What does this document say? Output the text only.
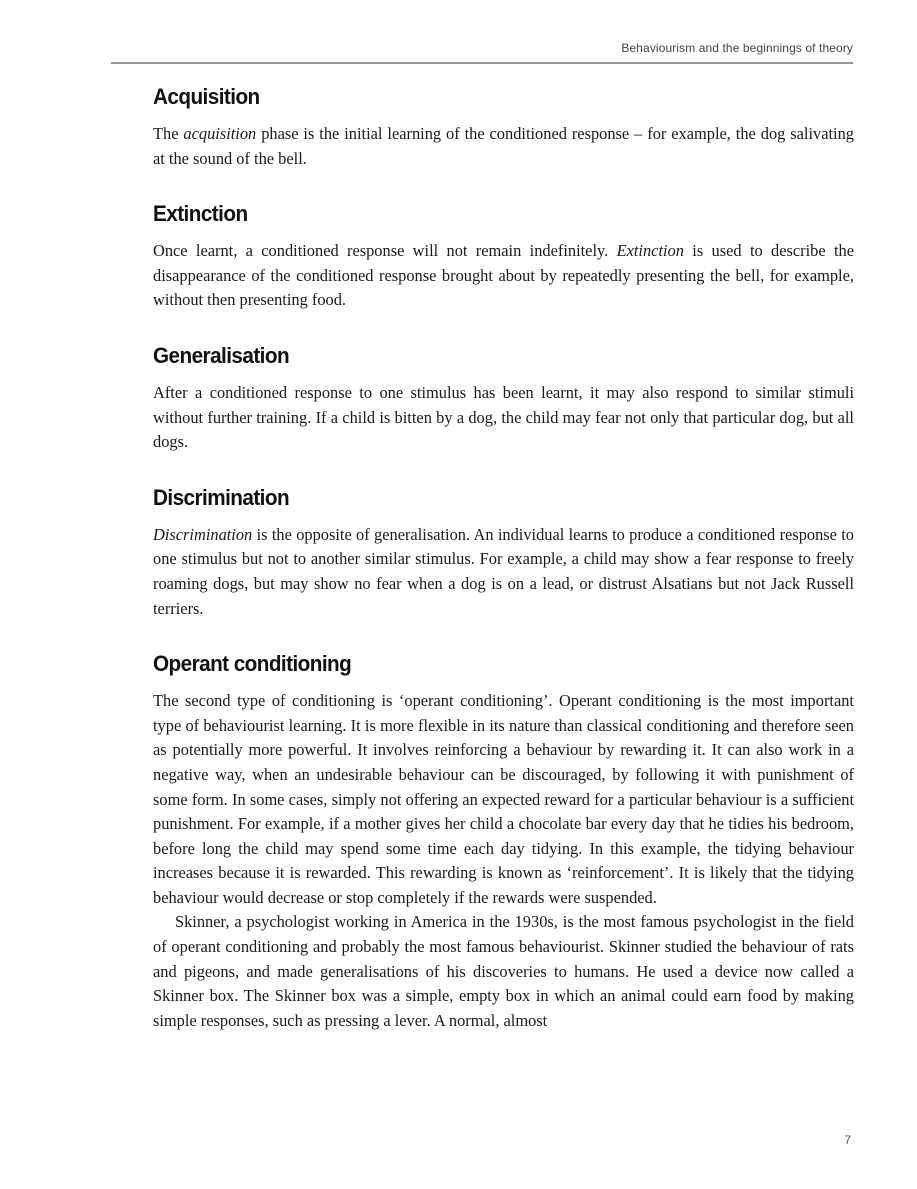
Behaviourism and the beginnings of theory
Acquisition

The acquisition phase is the initial learning of the conditioned response – for example, the dog salivating at the sound of the bell.

Extinction

Once learnt, a conditioned response will not remain indefinitely. Extinction is used to describe the disappearance of the conditioned response brought about by repeatedly presenting the bell, for example, without then presenting food.

Generalisation

After a conditioned response to one stimulus has been learnt, it may also respond to similar stimuli without further training. If a child is bitten by a dog, the child may fear not only that particular dog, but all dogs.

Discrimination

Discrimination is the opposite of generalisation. An individual learns to produce a conditioned response to one stimulus but not to another similar stimulus. For example, a child may show a fear response to freely roaming dogs, but may show no fear when a dog is on a lead, or distrust Alsatians but not Jack Russell terriers.

Operant conditioning

The second type of conditioning is ‘operant conditioning’. Operant conditioning is the most important type of behaviourist learning. It is more flexible in its nature than classical conditioning and therefore seen as potentially more powerful. It involves reinforcing a behaviour by rewarding it. It can also work in a negative way, when an undesirable behaviour can be discouraged, by following it with punishment of some form. In some cases, simply not offering an expected reward for a particular behaviour is a sufficient punishment. For example, if a mother gives her child a chocolate bar every day that he tidies his bedroom, before long the child may spend some time each day tidying. In this example, the tidying behaviour increases because it is rewarded. This rewarding is known as ‘reinforcement’. It is likely that the tidying behaviour would decrease or stop completely if the rewards were suspended.

Skinner, a psychologist working in America in the 1930s, is the most famous psychologist in the field of operant conditioning and probably the most famous behaviourist. Skinner studied the behaviour of rats and pigeons, and made generalisations of his discoveries to humans. He used a device now called a Skinner box. The Skinner box was a simple, empty box in which an animal could earn food by making simple responses, such as pressing a lever. A normal, almost

7
